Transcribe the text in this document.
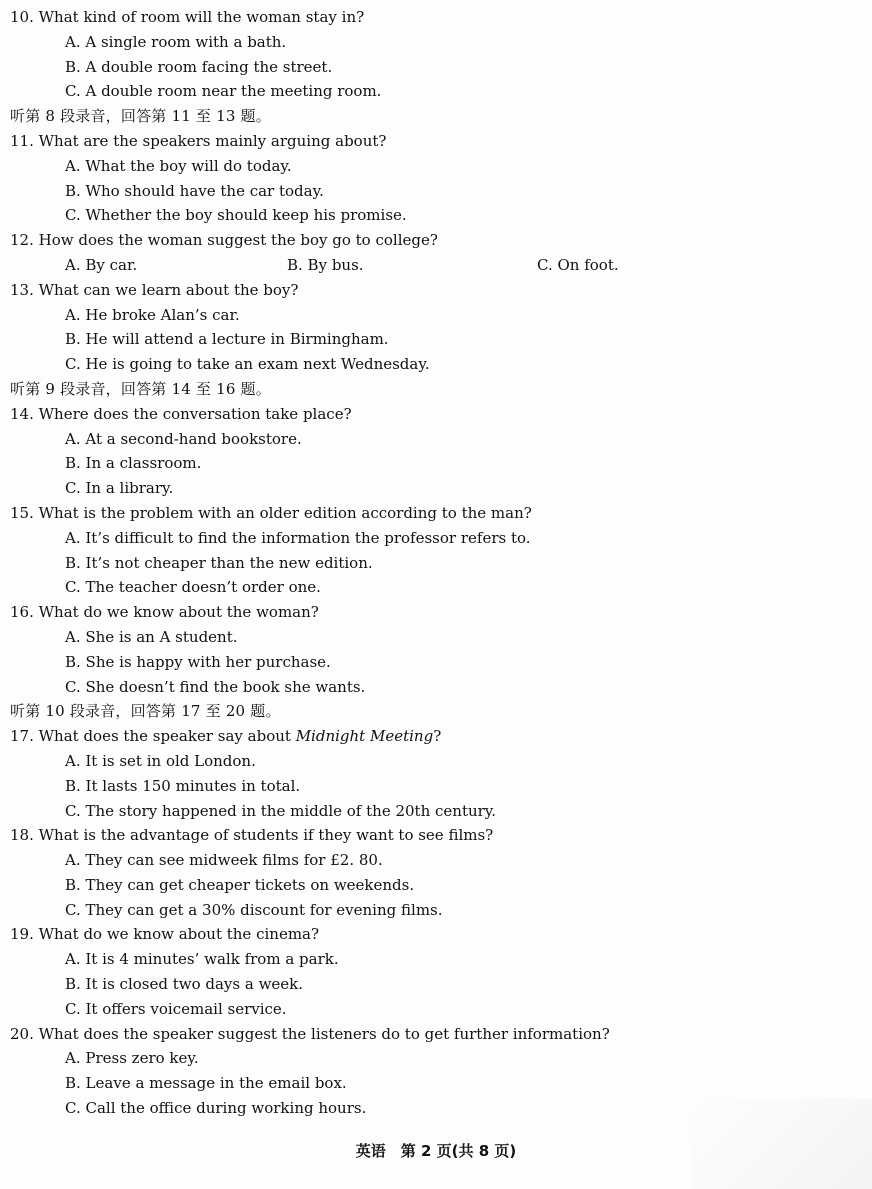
10. What kind of room will the woman stay in?
A. A single room with a bath.
B. A double room facing the street.
C. A double room near the meeting room.
听第 8 段录音，回答第 11 至 13 题。
11. What are the speakers mainly arguing about?
A. What the boy will do today.
B. Who should have the car today.
C. Whether the boy should keep his promise.
12. How does the woman suggest the boy go to college?
A. By car.	B. By bus.	C. On foot.
13. What can we learn about the boy?
A. He broke Alan’s car.
B. He will attend a lecture in Birmingham.
C. He is going to take an exam next Wednesday.
听第 9 段录音，回答第 14 至 16 题。
14. Where does the conversation take place?
A. At a second-hand bookstore.
B. In a classroom.
C. In a library.
15. What is the problem with an older edition according to the man?
A. It’s difficult to find the information the professor refers to.
B. It’s not cheaper than the new edition.
C. The teacher doesn’t order one.
16. What do we know about the woman?
A. She is an A student.
B. She is happy with her purchase.
C. She doesn’t find the book she wants.
听第 10 段录音，回答第 17 至 20 题。
17. What does the speaker say about Midnight Meeting?
A. It is set in old London.
B. It lasts 150 minutes in total.
C. The story happened in the middle of the 20th century.
18. What is the advantage of students if they want to see films?
A. They can see midweek films for £2. 80.
B. They can get cheaper tickets on weekends.
C. They can get a 30% discount for evening films.
19. What do we know about the cinema?
A. It is 4 minutes’ walk from a park.
B. It is closed two days a week.
C. It offers voicemail service.
20. What does the speaker suggest the listeners do to get further information?
A. Press zero key.
B. Leave a message in the email box.
C. Call the office during working hours.
英语　第 2 页(共 8 页)
